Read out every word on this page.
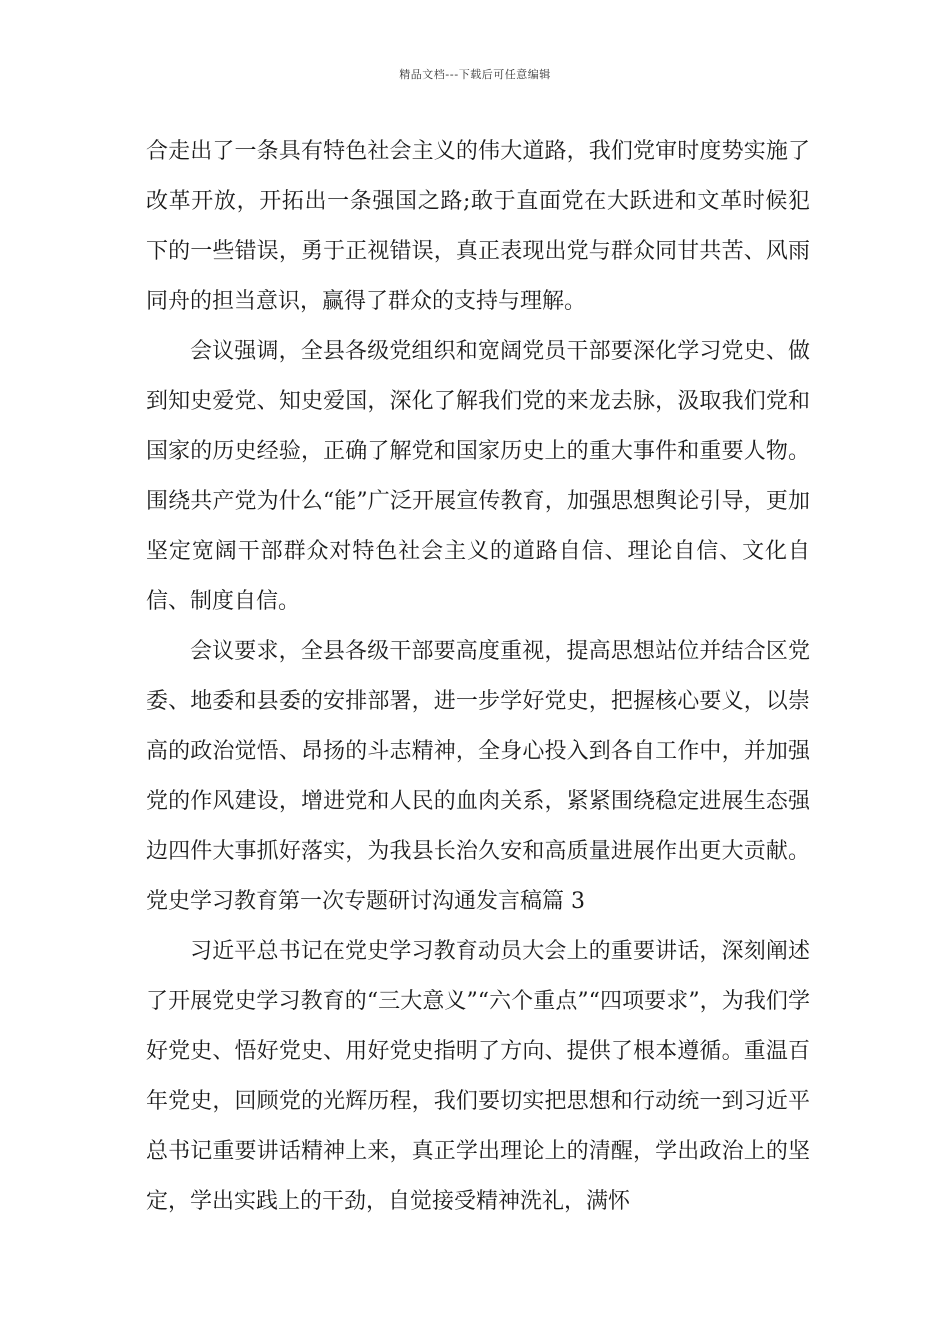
精品文档---下载后可任意编辑

合走出了一条具有特色社会主义的伟大道路，我们党审时度势实施了改革开放，开拓出一条强国之路;敢于直面党在大跃进和文革时候犯下的一些错误，勇于正视错误，真正表现出党与群众同甘共苦、风雨同舟的担当意识，赢得了群众的支持与理解。

会议强调，全县各级党组织和宽阔党员干部要深化学习党史、做到知史爱党、知史爱国，深化了解我们党的来龙去脉，汲取我们党和国家的历史经验，正确了解党和国家历史上的重大事件和重要人物。围绕共产党为什么“能”广泛开展宣传教育，加强思想舆论引导，更加坚定宽阔干部群众对特色社会主义的道路自信、理论自信、文化自信、制度自信。

会议要求，全县各级干部要高度重视，提高思想站位并结合区党委、地委和县委的安排部署，进一步学好党史，把握核心要义，以崇高的政治觉悟、昂扬的斗志精神，全身心投入到各自工作中，并加强党的作风建设，增进党和人民的血肉关系，紧紧围绕稳定进展生态强边四件大事抓好落实，为我县长治久安和高质量进展作出更大贡献。党史学习教育第一次专题研讨沟通发言稿篇 3

习近平总书记在党史学习教育动员大会上的重要讲话，深刻阐述了开展党史学习教育的“三大意义”“六个重点”“四项要求”，为我们学好党史、悟好党史、用好党史指明了方向、提供了根本遵循。重温百年党史，回顾党的光辉历程，我们要切实把思想和行动统一到习近平总书记重要讲话精神上来，真正学出理论上的清醒，学出政治上的坚定，学出实践上的干劲，自觉接受精神洗礼，满怀
